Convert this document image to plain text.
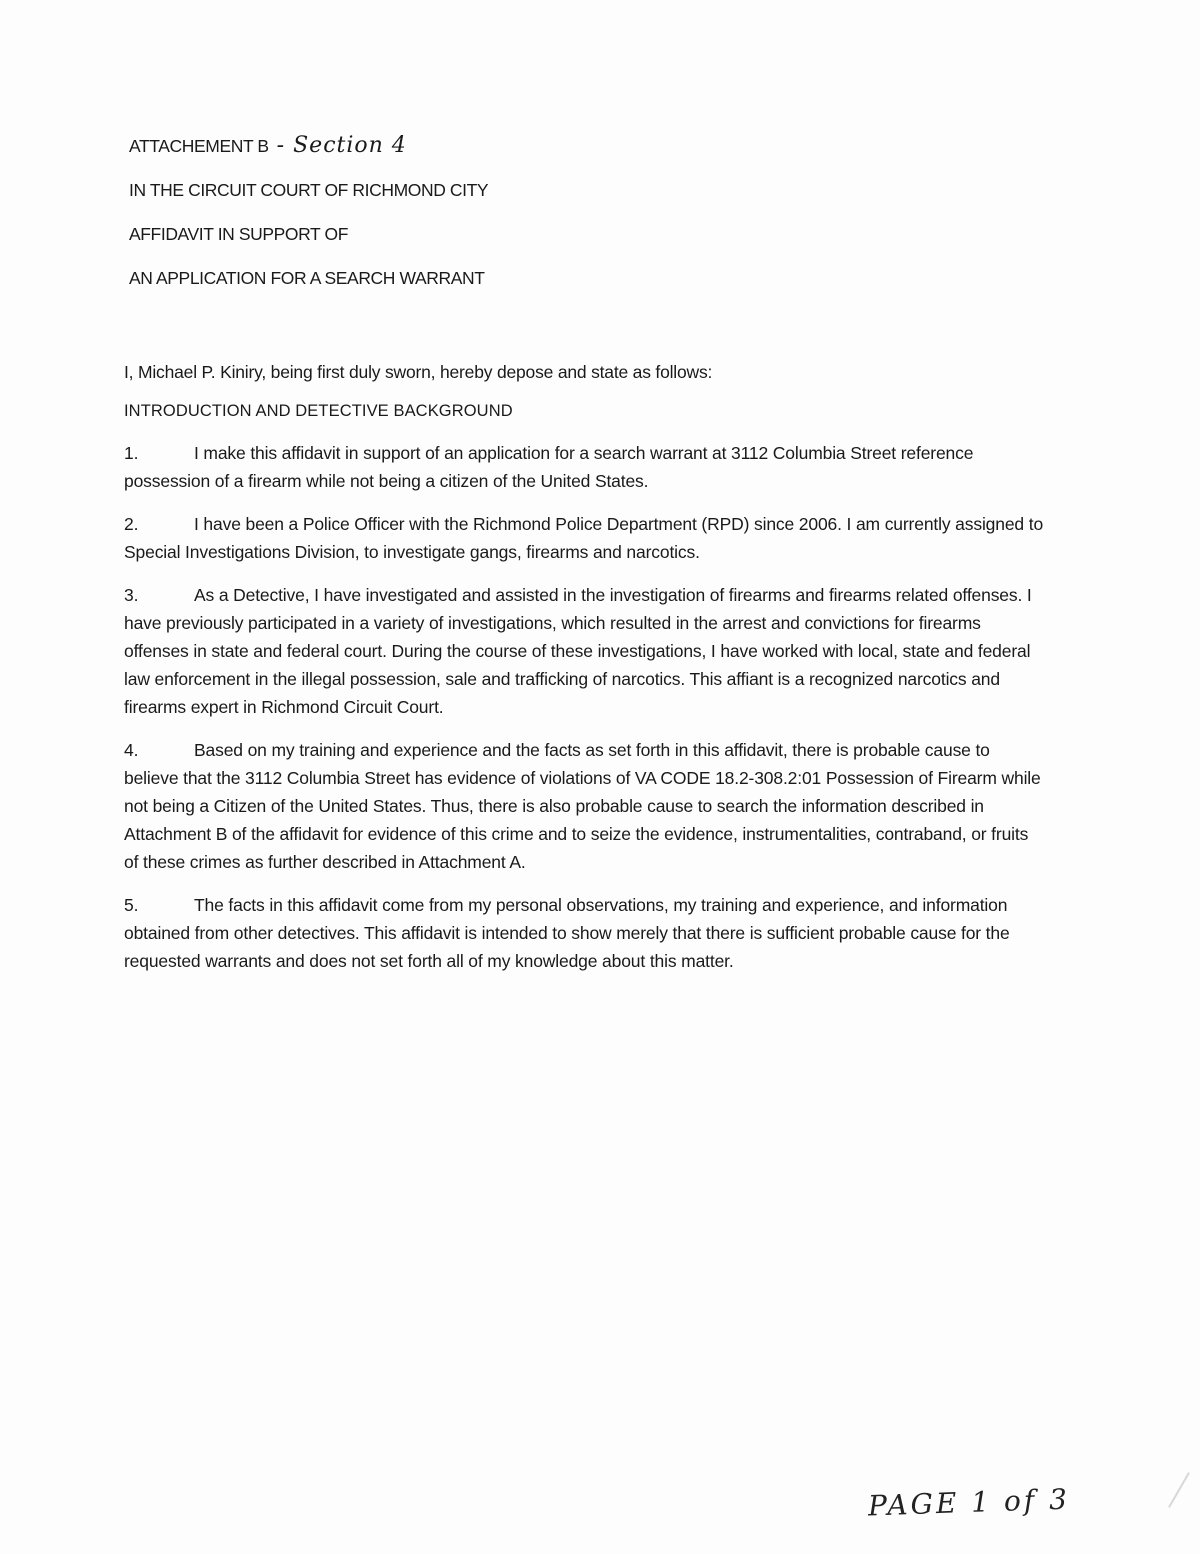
ATTACHEMENT B - Section 4

IN THE CIRCUIT COURT OF RICHMOND CITY

AFFIDAVIT IN SUPPORT OF

AN APPLICATION FOR A SEARCH WARRANT

I, Michael P. Kiniry, being first duly sworn, hereby depose and state as follows:

INTRODUCTION AND DETECTIVE BACKGROUND

1.	I make this affidavit in support of an application for a search warrant at 3112 Columbia Street reference possession of a firearm while not being a citizen of the United States.

2.	I have been a Police Officer with the Richmond Police Department (RPD) since 2006. I am currently assigned to Special Investigations Division, to investigate gangs, firearms and narcotics.

3.	As a Detective, I have investigated and assisted in the investigation of firearms and firearms related offenses. I have previously participated in a variety of investigations, which resulted in the arrest and convictions for firearms offenses in state and federal court. During the course of these investigations, I have worked with local, state and federal law enforcement in the illegal possession, sale and trafficking of narcotics. This affiant is a recognized narcotics and firearms expert in Richmond Circuit Court.

4.	Based on my training and experience and the facts as set forth in this affidavit, there is probable cause to believe that the 3112 Columbia Street has evidence of violations of VA CODE 18.2-308.2:01 Possession of Firearm while not being a Citizen of the United States. Thus, there is also probable cause to search the information described in Attachment B of the affidavit for evidence of this crime and to seize the evidence, instrumentalities, contraband, or fruits of these crimes as further described in Attachment A.

5.	The facts in this affidavit come from my personal observations, my training and experience, and information obtained from other detectives. This affidavit is intended to show merely that there is sufficient probable cause for the requested warrants and does not set forth all of my knowledge about this matter.

PAGE 1 of 3
